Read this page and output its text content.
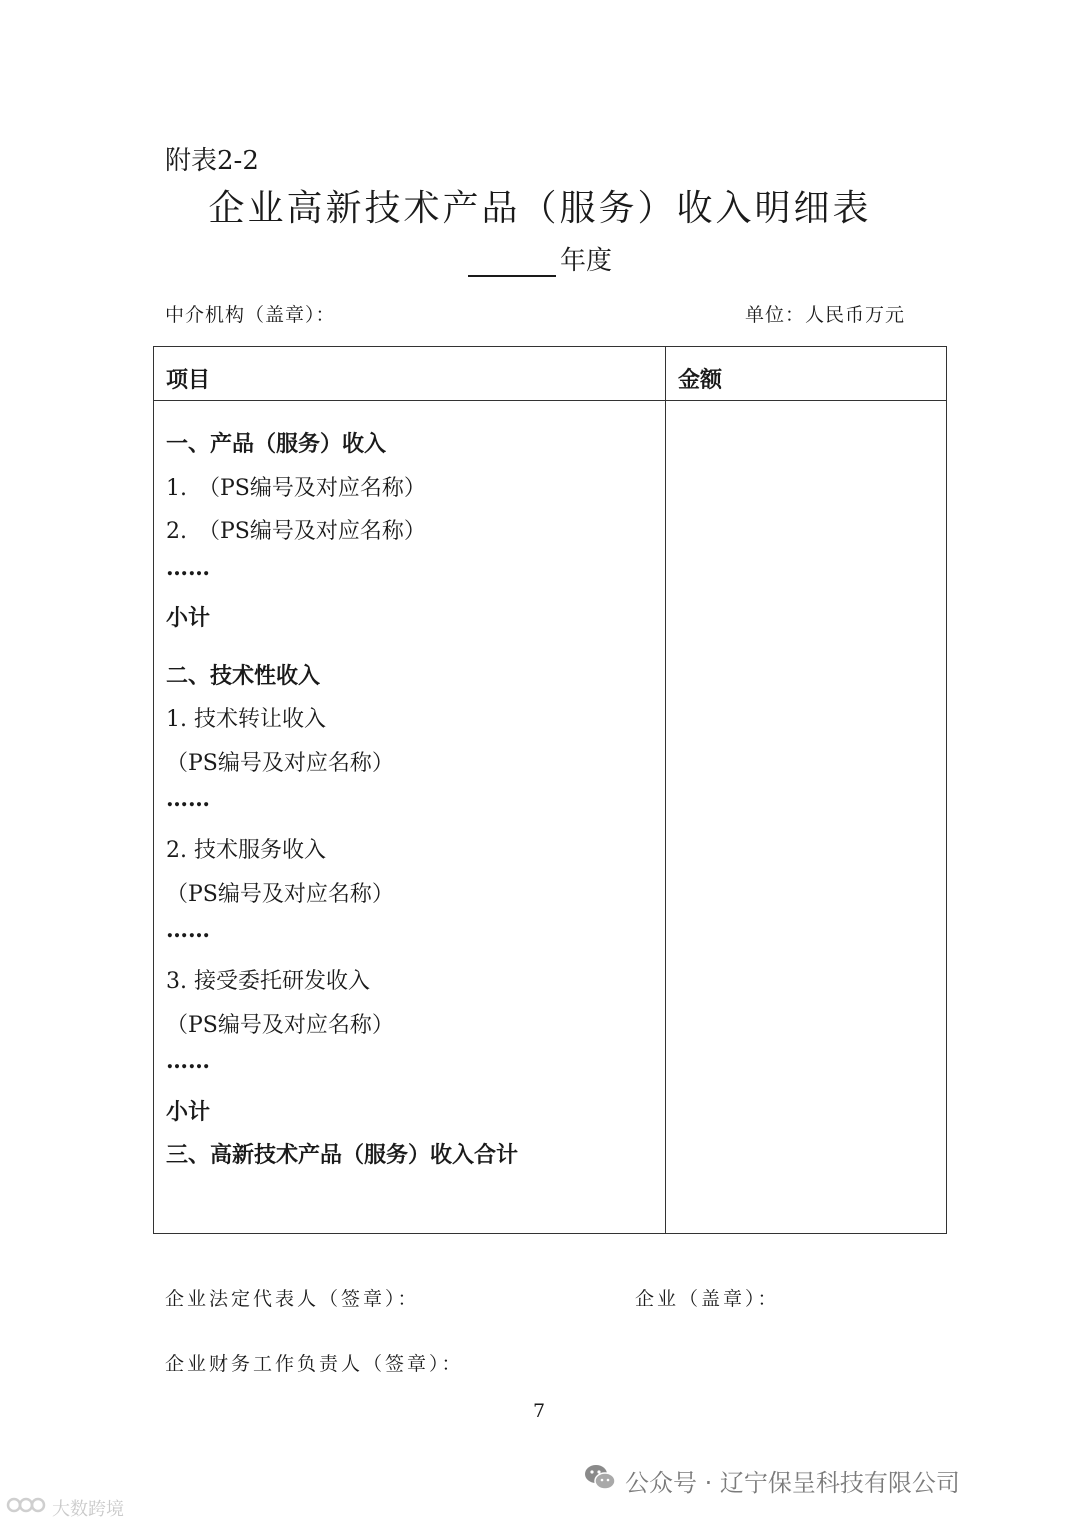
附表2-2
企业高新技术产品（服务）收入明细表
年度
中介机构（盖章）：	单位：人民币万元
项目	金额
一、产品（服务）收入
1.　（PS编号及对应名称）
2.　（PS编号及对应名称）
……
小计
二、技术性收入
1. 技术转让收入
（PS编号及对应名称）
……
2. 技术服务收入
（PS编号及对应名称）
……
3. 接受委托研发收入
（PS编号及对应名称）
……
小计
三、高新技术产品（服务）收入合计
企业法定代表人（签章）：	企业（盖章）：
企业财务工作负责人（签章）：
7
公众号 · 辽宁保呈科技有限公司
大数跨境
